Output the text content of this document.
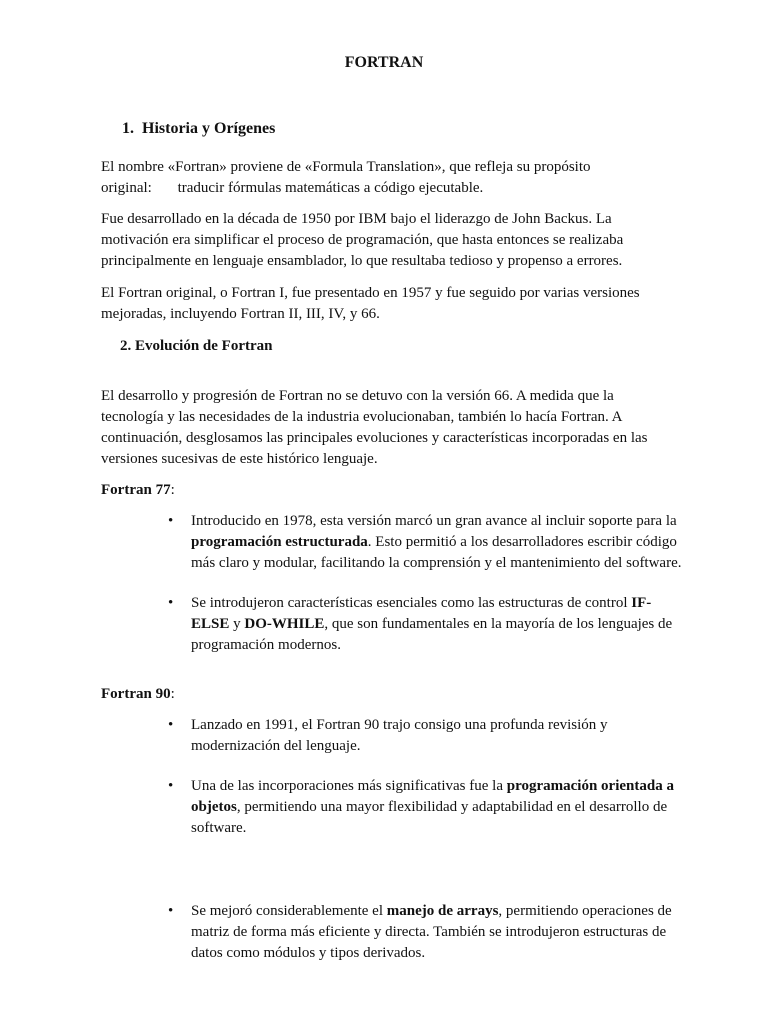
FORTRAN
1. Historia y Orígenes

El nombre «Fortran» proviene de «Formula Translation», que refleja su propósito original: traducir fórmulas matemáticas a código ejecutable.

Fue desarrollado en la década de 1950 por IBM bajo el liderazgo de John Backus. La motivación era simplificar el proceso de programación, que hasta entonces se realizaba principalmente en lenguaje ensamblador, lo que resultaba tedioso y propenso a errores.

El Fortran original, o Fortran I, fue presentado en 1957 y fue seguido por varias versiones mejoradas, incluyendo Fortran II, III, IV, y 66.

2. Evolución de Fortran

El desarrollo y progresión de Fortran no se detuvo con la versión 66. A medida que la tecnología y las necesidades de la industria evolucionaban, también lo hacía Fortran. A continuación, desglosamos las principales evoluciones y características incorporadas en las versiones sucesivas de este histórico lenguaje.

Fortran 77:
• Introducido en 1978, esta versión marcó un gran avance al incluir soporte para la programación estructurada. Esto permitió a los desarrolladores escribir código más claro y modular, facilitando la comprensión y el mantenimiento del software.
• Se introdujeron características esenciales como las estructuras de control IF-ELSE y DO-WHILE, que son fundamentales en la mayoría de los lenguajes de programación modernos.
Fortran 90:
• Lanzado en 1991, el Fortran 90 trajo consigo una profunda revisión y modernización del lenguaje.
• Una de las incorporaciones más significativas fue la programación orientada a objetos, permitiendo una mayor flexibilidad y adaptabilidad en el desarrollo de software.
• Se mejoró considerablemente el manejo de arrays, permitiendo operaciones de matriz de forma más eficiente y directa. También se introdujeron estructuras de datos como módulos y tipos derivados.
